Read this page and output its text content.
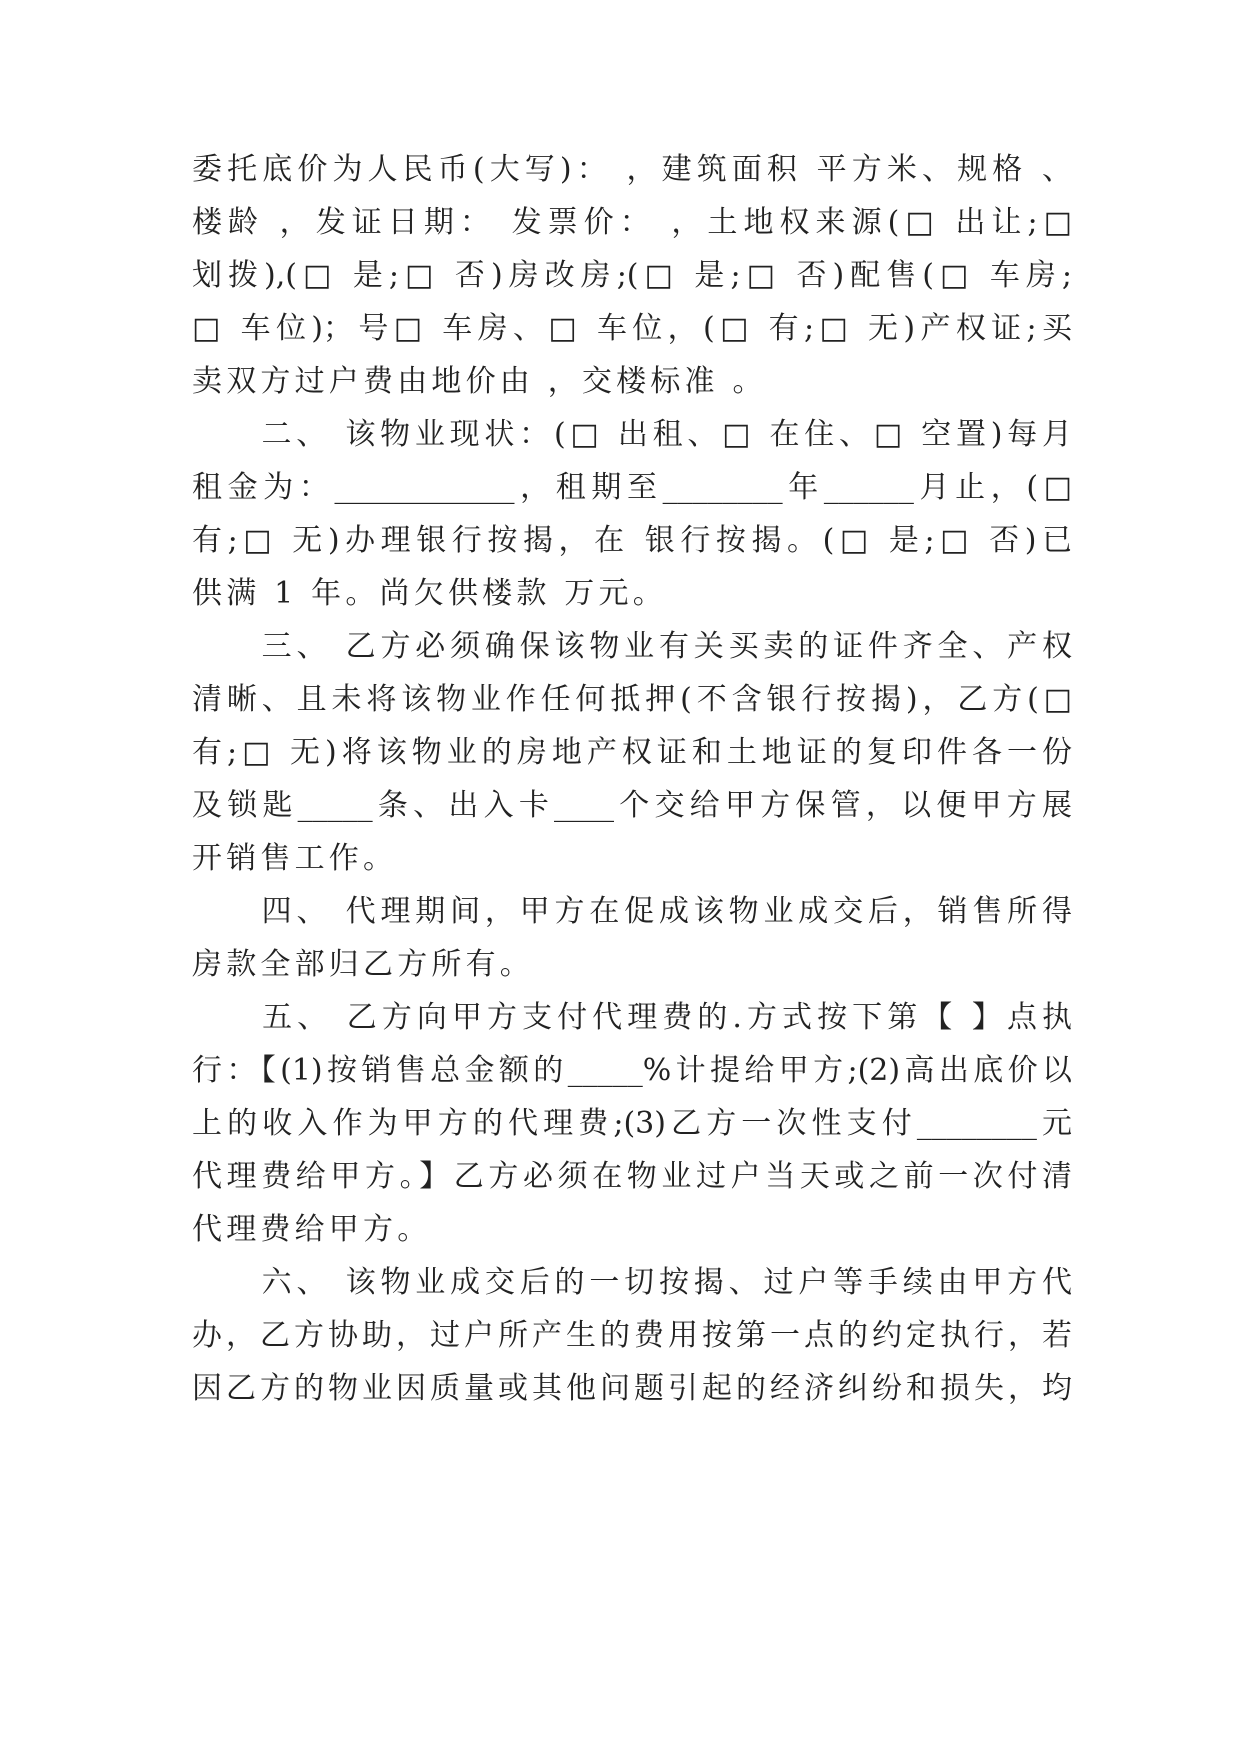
委托底价为人民币(大写)： ，建筑面积 平方米、规格 、
楼龄 ，发证日期： 发票价： ，土地权来源(□ 出让;□
划拨),(□ 是;□ 否)房改房;(□ 是;□ 否)配售(□ 车房;
□ 车位)；号□ 车房、□ 车位，(□ 有;□ 无)产权证;买
卖双方过户费由地价由 ，交楼标准 。
　　二、 该物业现状：(□ 出租、□ 在住、□ 空置)每月
租金为：____________，租期至________年______月止，(□
有;□ 无)办理银行按揭，在 银行按揭。(□ 是;□ 否)已
供满 1 年。尚欠供楼款 万元。
　　三、 乙方必须确保该物业有关买卖的证件齐全、产权
清晰、且未将该物业作任何抵押(不含银行按揭)，乙方(□
有;□ 无)将该物业的房地产权证和土地证的复印件各一份
及锁匙_____条、出入卡____个交给甲方保管，以便甲方展
开销售工作。
　　四、 代理期间，甲方在促成该物业成交后，销售所得
房款全部归乙方所有。
　　五、 乙方向甲方支付代理费的.方式按下第【 】点执
行：【(1)按销售总金额的_____%计提给甲方;(2)高出底价以
上的收入作为甲方的代理费;(3)乙方一次性支付________元
代理费给甲方。】乙方必须在物业过户当天或之前一次付清
代理费给甲方。
　　六、 该物业成交后的一切按揭、过户等手续由甲方代
办，乙方协助，过户所产生的费用按第一点的约定执行，若
因乙方的物业因质量或其他问题引起的经济纠纷和损失，均
